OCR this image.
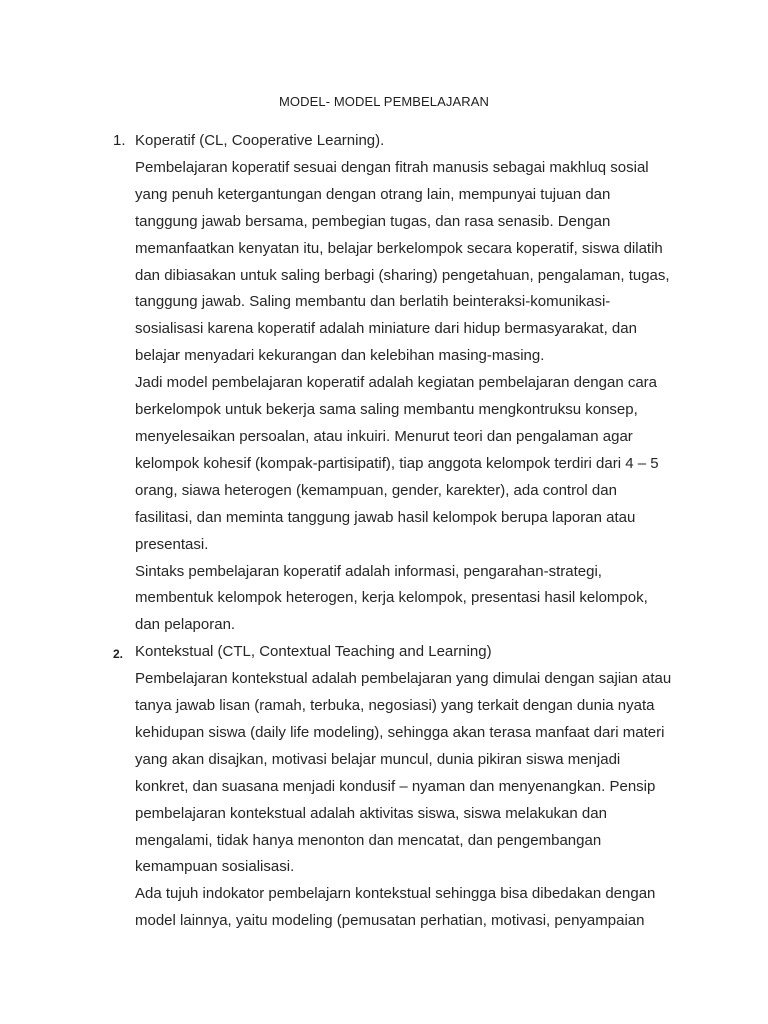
MODEL- MODEL PEMBELAJARAN
1. Koperatif (CL, Cooperative Learning).
Pembelajaran koperatif sesuai dengan fitrah manusis sebagai makhluq sosial
yang penuh ketergantungan dengan otrang lain, mempunyai tujuan dan
tanggung jawab bersama, pembegian tugas, dan rasa senasib. Dengan
memanfaatkan kenyatan itu, belajar berkelompok secara koperatif, siswa dilatih
dan dibiasakan untuk saling berbagi (sharing) pengetahuan, pengalaman, tugas,
tanggung jawab. Saling membantu dan berlatih beinteraksi-komunikasi-
sosialisasi karena koperatif adalah miniature dari hidup bermasyarakat, dan
belajar menyadari kekurangan dan kelebihan masing-masing.
Jadi model pembelajaran koperatif adalah kegiatan pembelajaran dengan cara
berkelompok untuk bekerja sama saling membantu mengkontruksu konsep,
menyelesaikan persoalan, atau inkuiri. Menurut teori dan pengalaman agar
kelompok kohesif (kompak-partisipatif), tiap anggota kelompok terdiri dari 4 – 5
orang, siawa heterogen (kemampuan, gender, karekter), ada control dan
fasilitasi, dan meminta tanggung jawab hasil kelompok berupa laporan atau
presentasi.
Sintaks pembelajaran koperatif adalah informasi, pengarahan-strategi,
membentuk kelompok heterogen, kerja kelompok, presentasi hasil kelompok,
dan pelaporan.
2. Kontekstual (CTL, Contextual Teaching and Learning)
Pembelajaran kontekstual adalah pembelajaran yang dimulai dengan sajian atau
tanya jawab lisan (ramah, terbuka, negosiasi) yang terkait dengan dunia nyata
kehidupan siswa (daily life modeling), sehingga akan terasa manfaat dari materi
yang akan disajkan, motivasi belajar muncul, dunia pikiran siswa menjadi
konkret, dan suasana menjadi kondusif – nyaman dan menyenangkan. Pensip
pembelajaran kontekstual adalah aktivitas siswa, siswa melakukan dan
mengalami, tidak hanya menonton dan mencatat, dan pengembangan
kemampuan sosialisasi.
Ada tujuh indokator pembelajarn kontekstual sehingga bisa dibedakan dengan
model lainnya, yaitu modeling (pemusatan perhatian, motivasi, penyampaian
